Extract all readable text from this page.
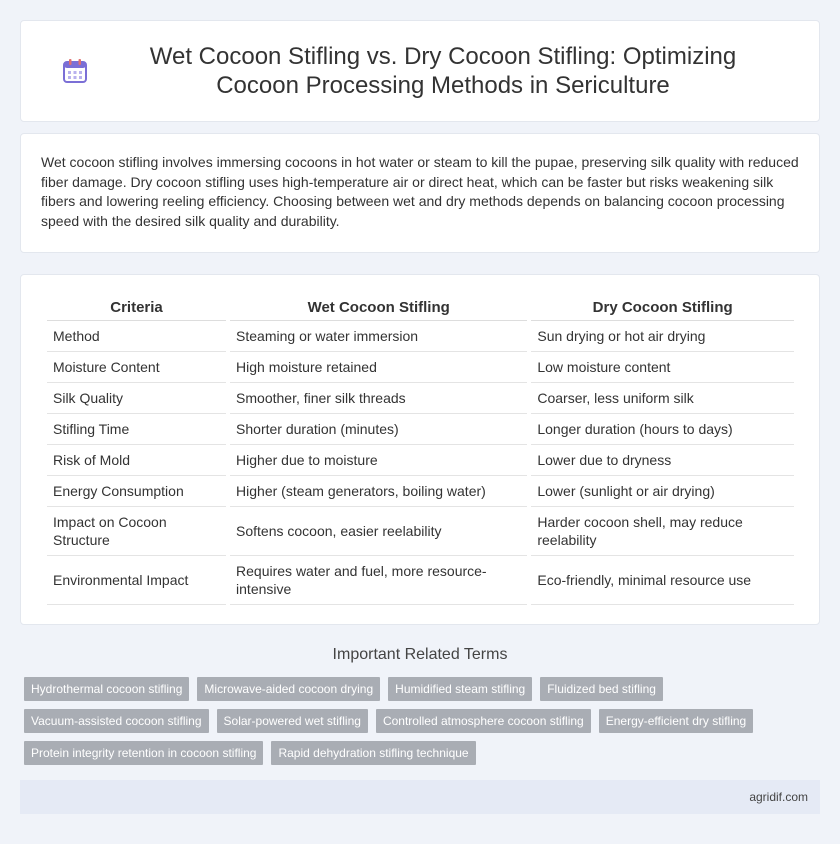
Wet Cocoon Stifling vs. Dry Cocoon Stifling: Optimizing Cocoon Processing Methods in Sericulture

Wet cocoon stifling involves immersing cocoons in hot water or steam to kill the pupae, preserving silk quality with reduced fiber damage. Dry cocoon stifling uses high-temperature air or direct heat, which can be faster but risks weakening silk fibers and lowering reeling efficiency. Choosing between wet and dry methods depends on balancing cocoon processing speed with the desired silk quality and durability.

Criteria	Wet Cocoon Stifling	Dry Cocoon Stifling
Method	Steaming or water immersion	Sun drying or hot air drying
Moisture Content	High moisture retained	Low moisture content
Silk Quality	Smoother, finer silk threads	Coarser, less uniform silk
Stifling Time	Shorter duration (minutes)	Longer duration (hours to days)
Risk of Mold	Higher due to moisture	Lower due to dryness
Energy Consumption	Higher (steam generators, boiling water)	Lower (sunlight or air drying)
Impact on Cocoon Structure	Softens cocoon, easier reelability	Harder cocoon shell, may reduce reelability
Environmental Impact	Requires water and fuel, more resource-intensive	Eco-friendly, minimal resource use
Important Related Terms
Hydrothermal cocoon stifling	Microwave-aided cocoon drying	Humidified steam stifling	Fluidized bed stifling
Vacuum-assisted cocoon stifling	Solar-powered wet stifling	Controlled atmosphere cocoon stifling	Energy-efficient dry stifling
Protein integrity retention in cocoon stifling	Rapid dehydration stifling technique
agridif.com
